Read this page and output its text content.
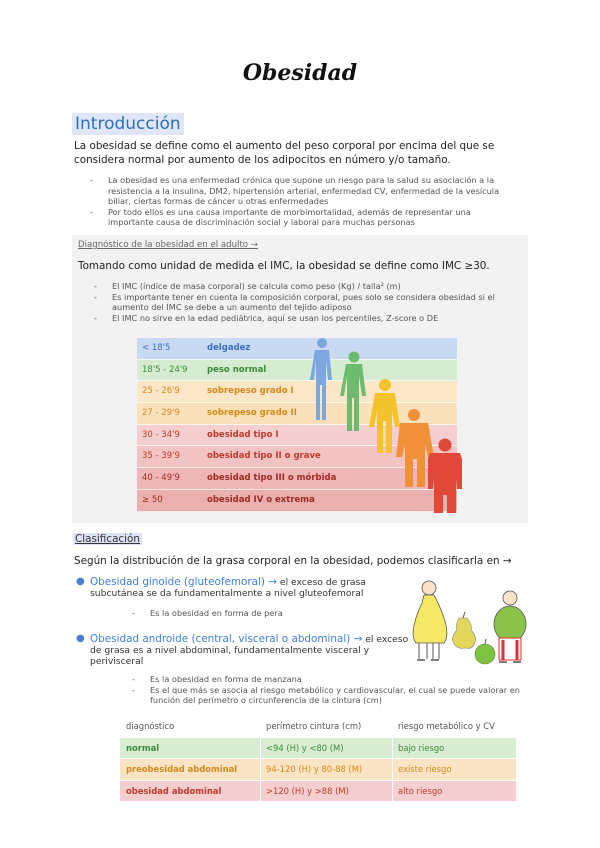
Obesidad
Introducción
La obesidad se define como el aumento del peso corporal por encima del que se considera normal por aumento de los adipocitos en número y/o tamaño.
- La obesidad es una enfermedad crónica que supone un riesgo para la salud su asociación a la resistencia a la insulina, DM2, hipertensión arterial, enfermedad CV, enfermedad de la vesícula biliar, ciertas formas de cáncer u otras enfermedades
- Por todo ellos es una causa importante de morbimortalidad, además de representar una importante causa de discriminación social y laboral para muchas personas
Diagnóstico de la obesidad en el adulto →
Tomando como unidad de medida el IMC, la obesidad se define como IMC ≥30.
- El IMC (índice de masa corporal) se calcula como peso (Kg) / talla² (m)
- Es importante tener en cuenta la composición corporal, pues solo se considera obesidad si el aumento del IMC se debe a un aumento del tejido adiposo
- El IMC no sirve en la edad pediátrica, aquí se usan los percentiles, Z-score o DE
< 18'5	delgadez
18'5 - 24'9 peso normal
25 - 26'9	sobrepeso grado I
27 - 29'9	sobrepeso grado II
30 - 34'9	obesidad tipo I
35 - 39'9	obesidad tipo II o grave
40 - 49'9	obesidad tipo III o mórbida
≥ 50	obesidad IV o extrema
Clasificación
Según la distribución de la grasa corporal en la obesidad, podemos clasificarla en →
● Obesidad ginoide (gluteofemoral) → el exceso de grasa subcutánea se da fundamentalmente a nivel gluteofemoral
- Es la obesidad en forma de pera
● Obesidad androide (central, visceral o abdominal) → el exceso de grasa es a nivel abdominal, fundamentalmente visceral y perivisceral
- Es la obesidad en forma de manzana
- Es el que más se asocia al riesgo metabólico y cardiovascular, el cual se puede valorar en función del perímetro o circunferencia de la cintura (cm)
diagnóstico	perímetro cintura (cm)	riesgo metabólico y CV
normal	<94 (H) y <80 (M)	bajo riesgo
preobesidad abdominal	94-120 (H) y 80-88 (M)	existe riesgo
obesidad abdominal	>120 (H) y >88 (M)	alto riesgo
